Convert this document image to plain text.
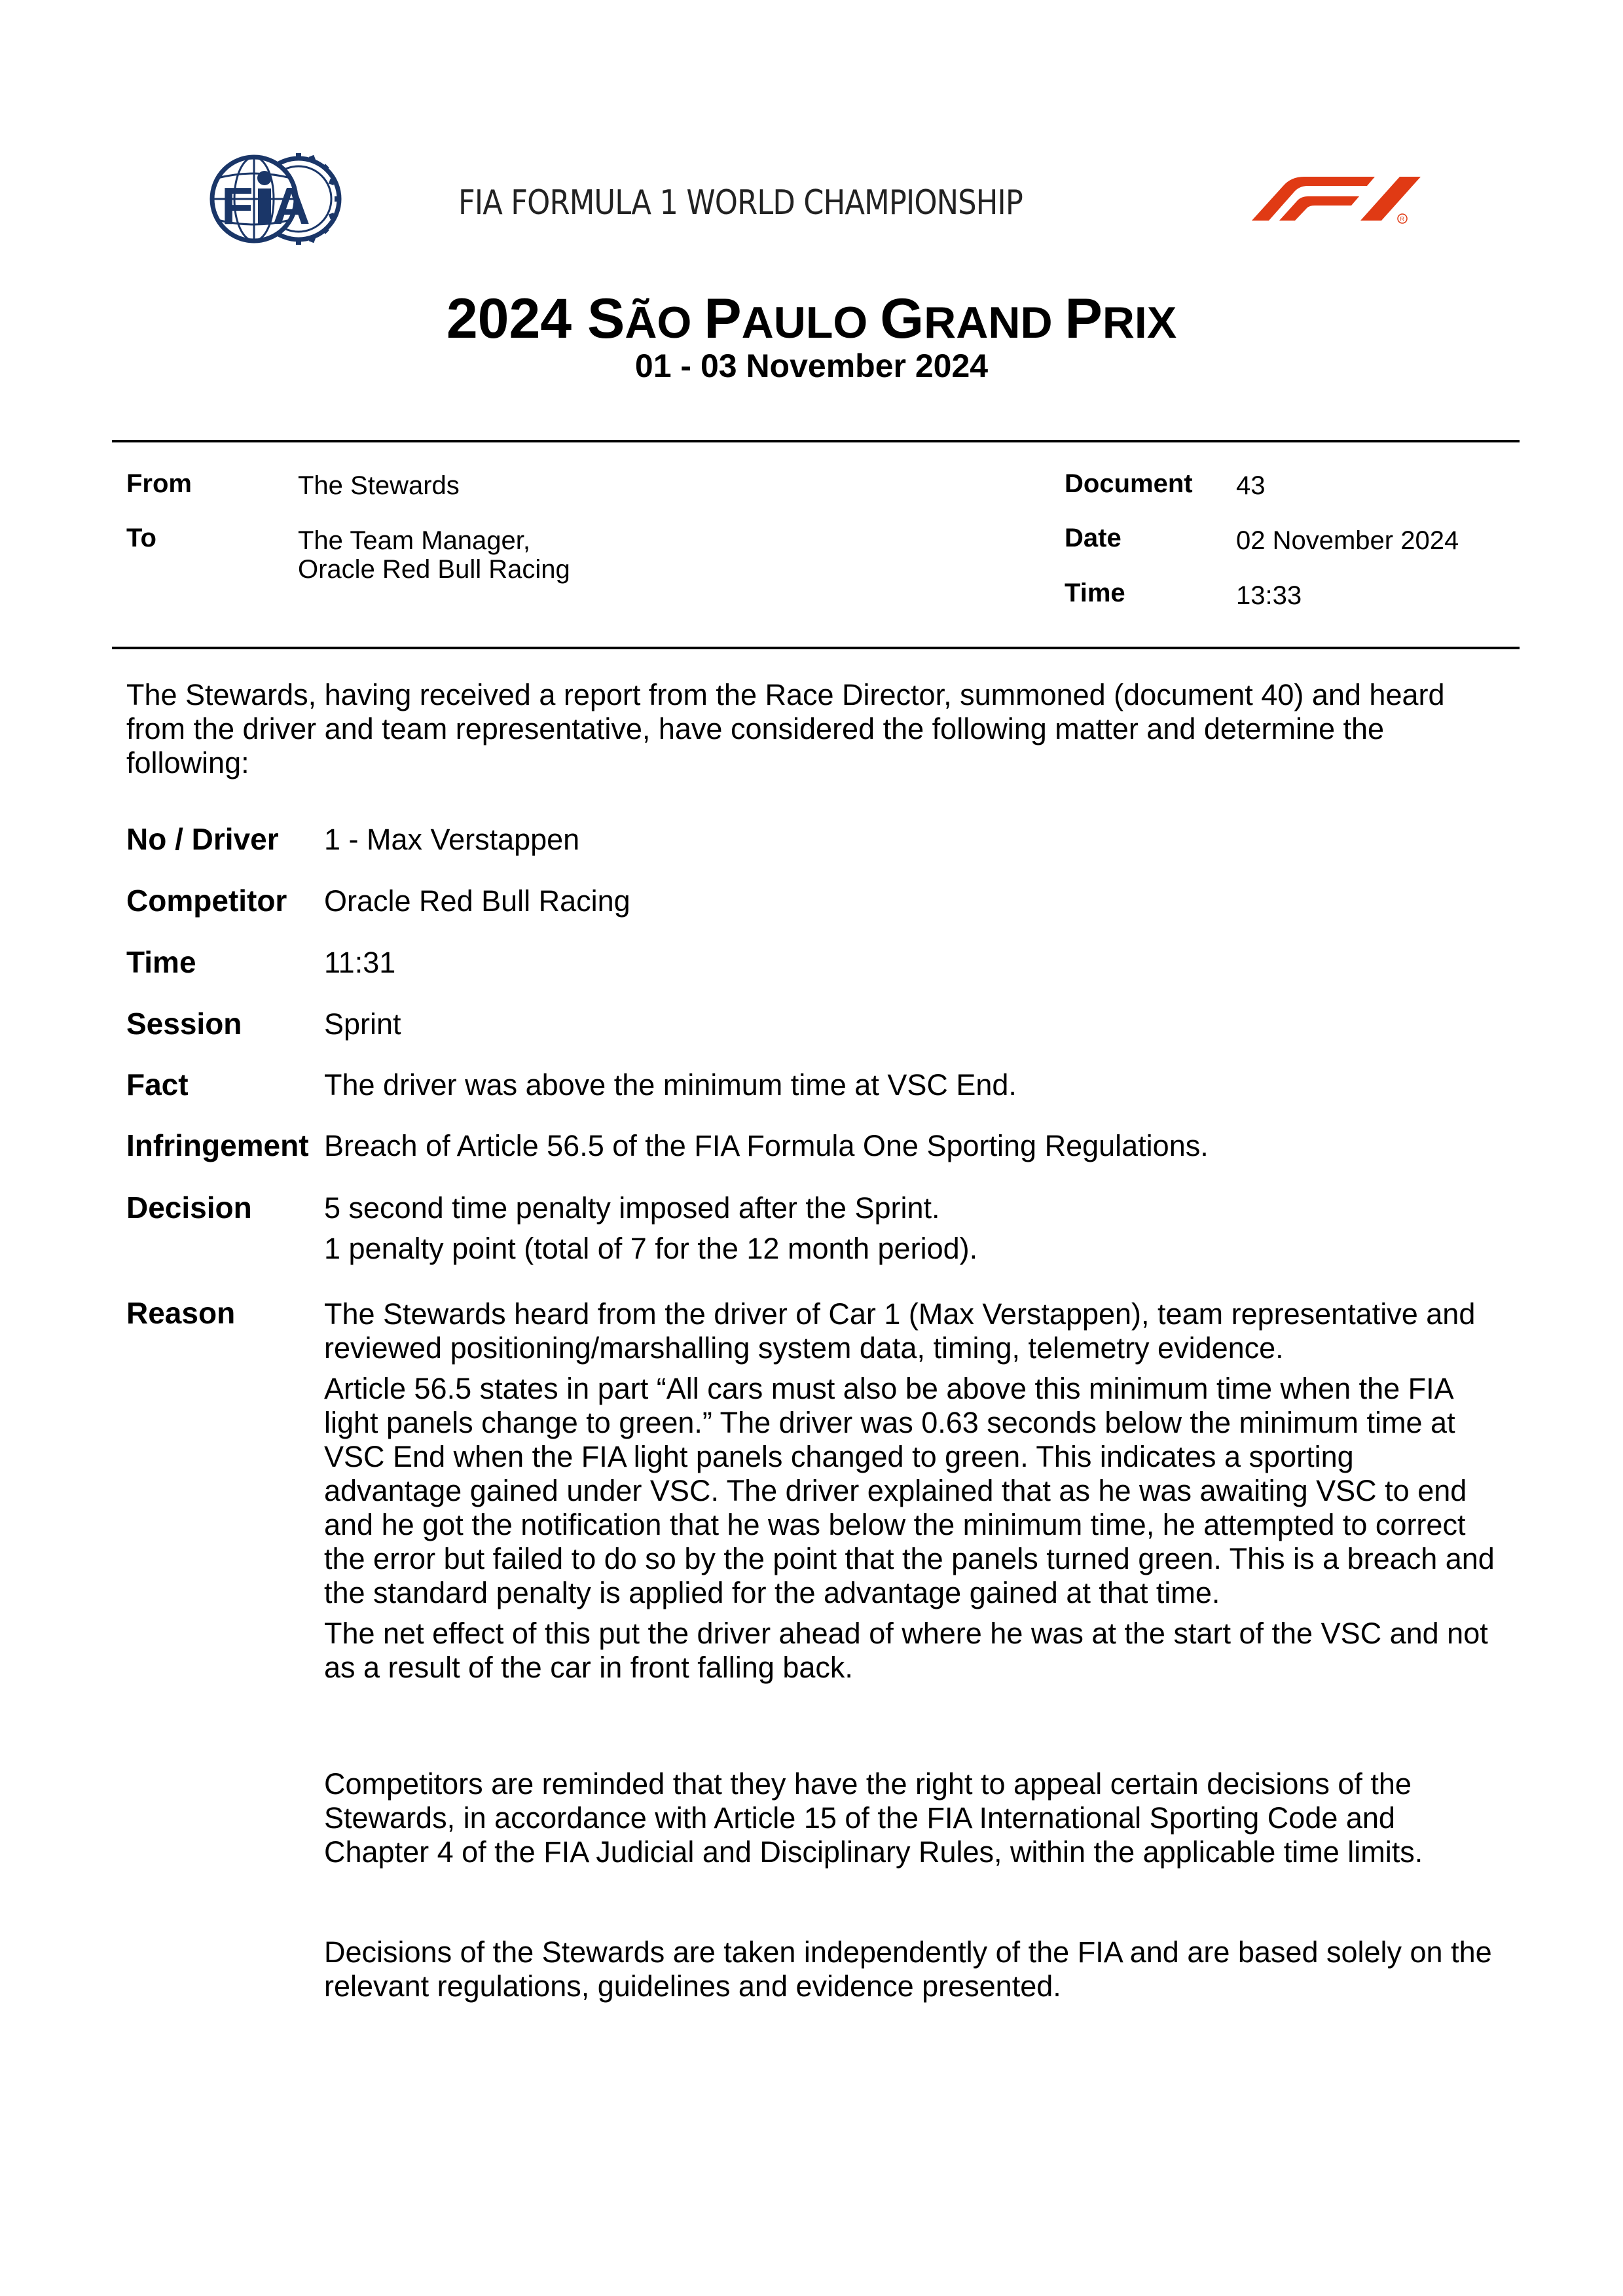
F A	FIA FORMULA 1 WORLD CHAMPIONSHIP	R
2024 SÃO PAULO GRAND PRIX
01 - 03 November 2024
From	The Stewards
To	The Team Manager,
Oracle Red Bull Racing
Document 43
Date	02 November 2024
Time	13:33
The Stewards, having received a report from the Race Director, summoned (document 40) and heard from the driver and team representative, have considered the following matter and determine the following:
No / Driver 1 - Max Verstappen
Competitor Oracle Red Bull Racing
Time	11:31
Session	Sprint
Fact	The driver was above the minimum time at VSC End.
Infringement Breach of Article 56.5 of the FIA Formula One Sporting Regulations.
Decision 5 second time penalty imposed after the Sprint.
1 penalty point (total of 7 for the 12 month period).
Reason	The Stewards heard from the driver of Car 1 (Max Verstappen), team representative and reviewed positioning/marshalling system data, timing, telemetry evidence.
Article 56.5 states in part “All cars must also be above this minimum time when the FIA light panels change to green.” The driver was 0.63 seconds below the minimum time at VSC End when the FIA light panels changed to green. This indicates a sporting advantage gained under VSC. The driver explained that as he was awaiting VSC to end and he got the notification that he was below the minimum time, he attempted to correct the error but failed to do so by the point that the panels turned green. This is a breach and the standard penalty is applied for the advantage gained at that time.
The net effect of this put the driver ahead of where he was at the start of the VSC and not as a result of the car in front falling back.
Competitors are reminded that they have the right to appeal certain decisions of the Stewards, in accordance with Article 15 of the FIA International Sporting Code and Chapter 4 of the FIA Judicial and Disciplinary Rules, within the applicable time limits.
Decisions of the Stewards are taken independently of the FIA and are based solely on the relevant regulations, guidelines and evidence presented.
